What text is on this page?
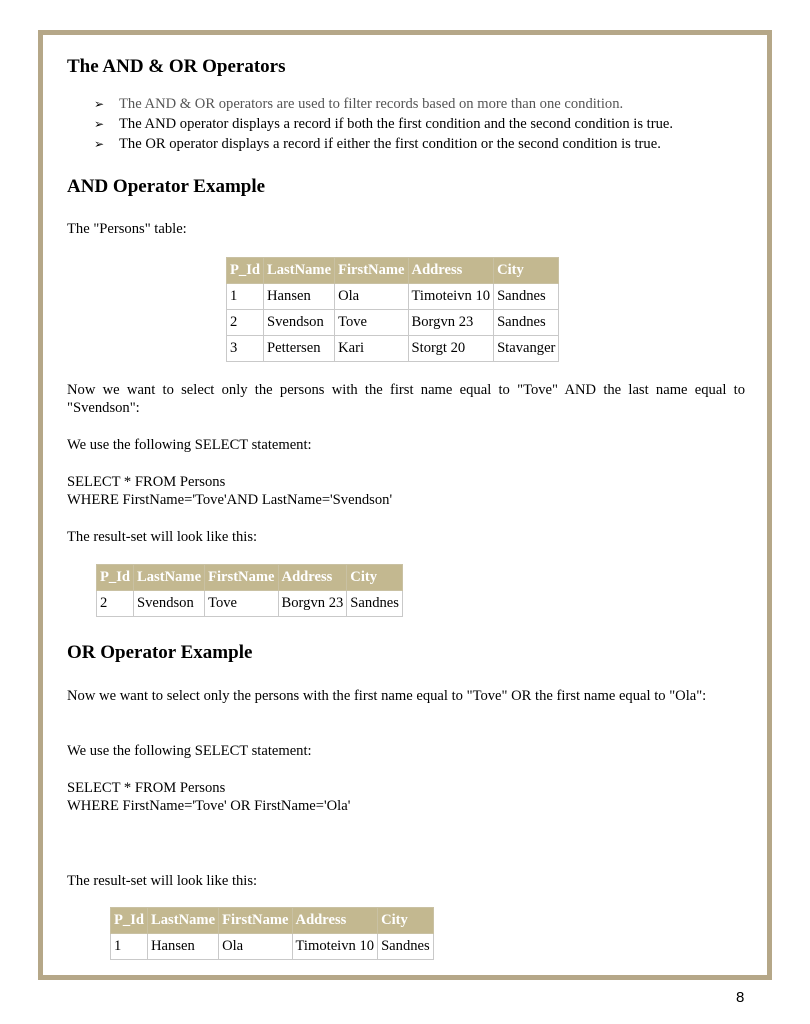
The AND & OR Operators
➢	The AND & OR operators are used to filter records based on more than one condition.
➢	The AND operator displays a record if both the first condition and the second condition is true.
➢	The OR operator displays a record if either the first condition or the second condition is true.
AND Operator Example

The "Persons" table:

P_Id	LastName	FirstName	Address	City
1	Hansen	Ola	Timoteivn 10	Sandnes
2	Svendson	Tove	Borgvn 23	Sandnes
3	Pettersen	Kari	Storgt 20	Stavanger

Now we want to select only the persons with the first name equal to "Tove" AND the last name equal to "Svendson":

We use the following SELECT statement:

SELECT * FROM Persons

WHERE FirstName='Tove'AND LastName='Svendson'

The result-set will look like this:

P_Id	LastName	FirstName	Address	City
2	Svendson	Tove	Borgvn 23	Sandnes
OR Operator Example

Now we want to select only the persons with the first name equal to "Tove" OR the first name equal to "Ola":

We use the following SELECT statement:

SELECT * FROM Persons

WHERE FirstName='Tove' OR FirstName='Ola'

The result-set will look like this:

P_Id	LastName	FirstName	Address	City
1	Hansen	Ola	Timoteivn 10	Sandnes
8
